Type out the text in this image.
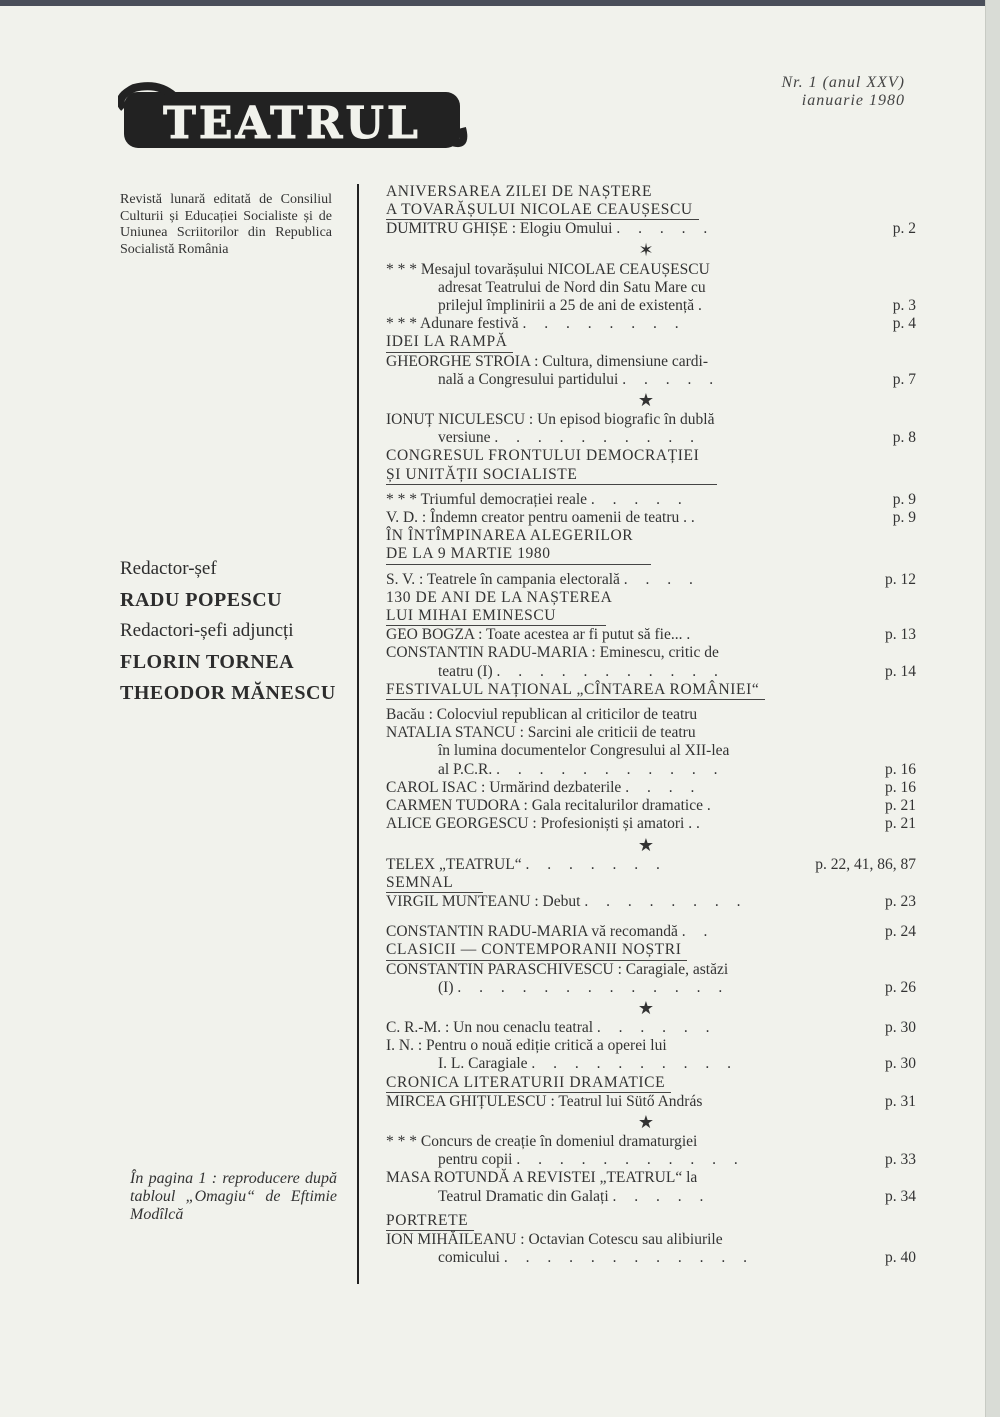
Nr. 1 (anul XXV)
ianuarie 1980
TEATRUL
Revistă lunară editată de Consiliul Culturii și Educației Socialiste și de Uniunea Scriitorilor din Republica Socialistă România
Redactor-șef
RADU POPESCU
Redactori-șefi adjuncți
FLORIN TORNEA
THEODOR MĂNESCU
În pagina 1 : reproducere după tabloul „Omagiu“ de Eftimie Modîlcă
ANIVERSAREA ZILEI DE NAȘTERE
A TOVARĂȘULUI NICOLAE CEAUȘESCU
DUMITRU GHIȘE : Elogiu Omului . . . . .	p. 2
✶
* * * Mesajul tovarășului NICOLAE CEAUȘESCU
adresat Teatrului de Nord din Satu Mare cu
prilejul împlinirii a 25 de ani de existență .	p. 3
* * * Adunare festivă . . . . . . . .	p. 4
IDEI LA RAMPĂ
GHEORGHE STROIA : Cultura, dimensiune cardi-
nală a Congresului partidului . . . . .	p. 7
★
IONUȚ NICULESCU : Un episod biografic în dublă
versiune . . . . . . . . . .	p. 8
CONGRESUL FRONTULUI DEMOCRAȚIEI
ȘI UNITĂȚII SOCIALISTE
* * * Triumful democrației reale . . . . .	p. 9
V. D. : Îndemn creator pentru oamenii de teatru . .	p. 9
ÎN ÎNTÎMPINAREA ALEGERILOR
DE LA 9 MARTIE 1980
S. V. : Teatrele în campania electorală . . . .	p. 12
130 DE ANI DE LA NAȘTEREA
LUI MIHAI EMINESCU
GEO BOGZA : Toate acestea ar fi putut să fie... .	p. 13
CONSTANTIN RADU-MARIA : Eminescu, critic de
teatru (I) . . . . . . . . . . .	p. 14
FESTIVALUL NAȚIONAL „CÎNTAREA ROMÂNIEI“
Bacău : Colocviul republican al criticilor de teatru
NATALIA STANCU : Sarcini ale criticii de teatru
în lumina documentelor Congresului al XII-lea
al P.C.R. . . . . . . . . . . .	p. 16
CAROL ISAC : Urmărind dezbaterile . . . .	p. 16
CARMEN TUDORA : Gala recitalurilor dramatice .	p. 21
ALICE GEORGESCU : Profesioniști și amatori . .	p. 21
★
TELEX „TEATRUL“ . . . . . . .	p. 22, 41, 86, 87
SEMNAL
VIRGIL MUNTEANU : Debut . . . . . . . .	p. 23
CONSTANTIN RADU-MARIA vă recomandă . .	p. 24
CLASICII — CONTEMPORANII NOȘTRI
CONSTANTIN PARASCHIVESCU : Caragiale, astăzi
(I) . . . . . . . . . . . . .	p. 26
★
C. R.-M. : Un nou cenaclu teatral . . . . . .	p. 30
I. N. : Pentru o nouă ediție critică a operei lui
I. L. Caragiale . . . . . . . . . .	p. 30
CRONICA LITERATURII DRAMATICE
MIRCEA GHIȚULESCU : Teatrul lui Sütő András	p. 31
★
* * * Concurs de creație în domeniul dramaturgiei
pentru copii . . . . . . . . . . .	p. 33
MASA ROTUNDĂ A REVISTEI „TEATRUL“ la
Teatrul Dramatic din Galați . . . . .	p. 34
PORTRETE
ION MIHĂILEANU : Octavian Cotescu sau alibiurile
comicului . . . . . . . . . . . .	p. 40
